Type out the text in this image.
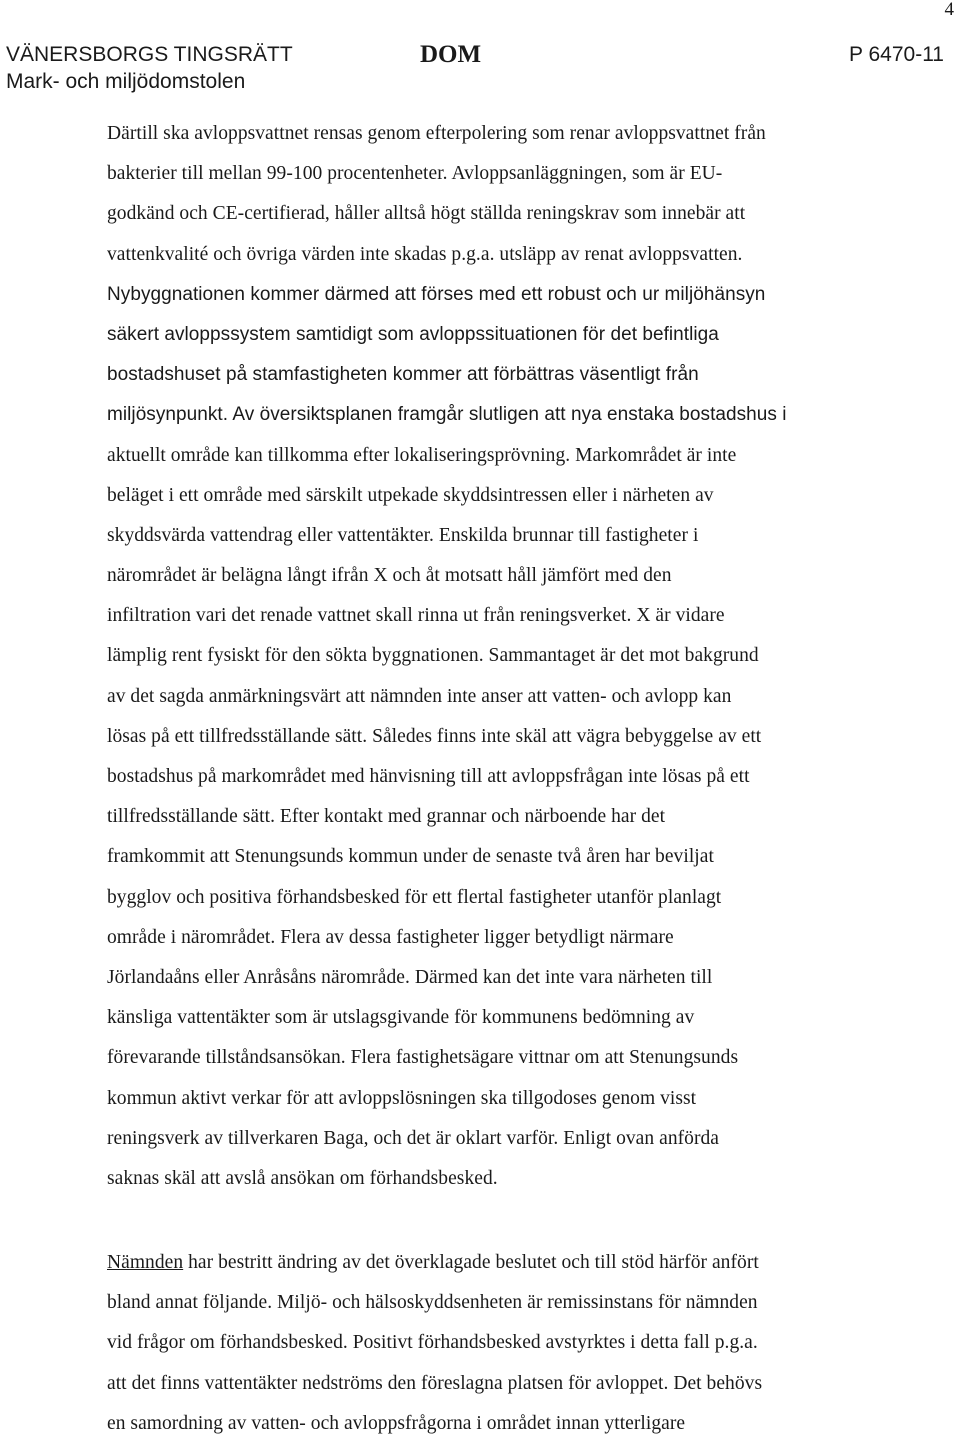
4
VÄNERSBORGS TINGSRÄTT
Mark- och miljödomstolen
DOM	P 6470-11
Därtill ska avloppsvattnet rensas genom efterpolering som renar avloppsvattnet från
bakterier till mellan 99-100 procentenheter. Avloppsanläggningen, som är EU-
godkänd och CE-certifierad, håller alltså högt ställda reningskrav som innebär att
vattenkvalité och övriga värden inte skadas p.g.a. utsläpp av renat avloppsvatten.
Nybyggnationen kommer därmed att förses med ett robust och ur miljöhänsyn
säkert avloppssystem samtidigt som avloppssituationen för det befintliga
bostadshuset på stamfastigheten kommer att förbättras väsentligt från
miljösynpunkt. Av översiktsplanen framgår slutligen att nya enstaka bostadshus i
aktuellt område kan tillkomma efter lokaliseringsprövning. Markområdet är inte
beläget i ett område med särskilt utpekade skyddsintressen eller i närheten av
skyddsvärda vattendrag eller vattentäkter. Enskilda brunnar till fastigheter i
närområdet är belägna långt ifrån X och åt motsatt håll jämfört med den
infiltration vari det renade vattnet skall rinna ut från reningsverket. X är vidare
lämplig rent fysiskt för den sökta byggnationen. Sammantaget är det mot bakgrund
av det sagda anmärkningsvärt att nämnden inte anser att vatten- och avlopp kan
lösas på ett tillfredsställande sätt. Således finns inte skäl att vägra bebyggelse av ett
bostadshus på markområdet med hänvisning till att avloppsfrågan inte lösas på ett
tillfredsställande sätt. Efter kontakt med grannar och närboende har det
framkommit att Stenungsunds kommun under de senaste två åren har beviljat
bygglov och positiva förhandsbesked för ett flertal fastigheter utanför planlagt
område i närområdet. Flera av dessa fastigheter ligger betydligt närmare
Jörlandaåns eller Anråsåns närområde. Därmed kan det inte vara närheten till
känsliga vattentäkter som är utslagsgivande för kommunens bedömning av
förevarande tillståndsansökan. Flera fastighetsägare vittnar om att Stenungsunds
kommun aktivt verkar för att avloppslösningen ska tillgodoses genom visst
reningsverk av tillverkaren Baga, och det är oklart varför. Enligt ovan anförda
saknas skäl att avslå ansökan om förhandsbesked.
Nämnden har bestritt ändring av det överklagade beslutet och till stöd härför anfört
bland annat följande. Miljö- och hälsoskyddsenheten är remissinstans för nämnden
vid frågor om förhandsbesked. Positivt förhandsbesked avstyrktes i detta fall p.g.a.
att det finns vattentäkter nedströms den föreslagna platsen för avloppet. Det behövs
en samordning av vatten- och avloppsfrågorna i området innan ytterligare
